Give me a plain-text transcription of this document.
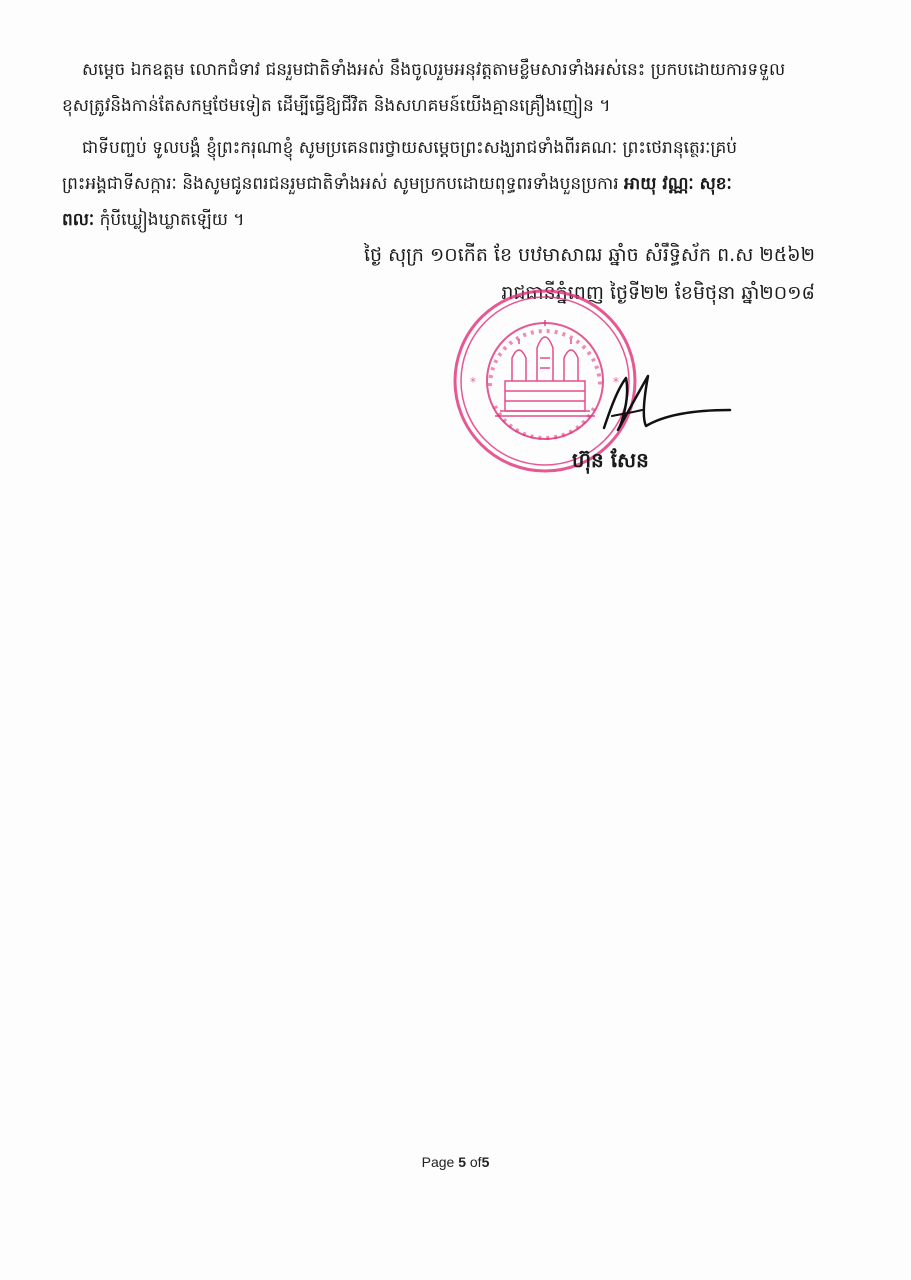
សម្តេច ឯកឧត្តម លោកជំទាវ ជនរួមជាតិទាំងអស់ នឹងចូលរួមអនុវត្តតាមខ្លឹមសារទាំងអស់នេះ ប្រកបដោយការទទួល

ខុសត្រូវនិងកាន់តែសកម្មថែមទៀត ដើម្បីធ្វើឱ្យជីវិត និងសហគមន៍យើងគ្មានគ្រឿងញៀន ។

ជាទីបញ្ចប់ ទូលបង្គំ ខ្ញុំព្រះករុណាខ្ញុំ សូមប្រគេនពរថ្វាយសម្តេចព្រះសង្ឃរាជទាំងពីរគណៈ ព្រះថេរានុត្ថេរៈគ្រប់

ព្រះអង្គជាទីសក្ការៈ និងសូមជូនពរជនរួមជាតិទាំងអស់ សូមប្រកបដោយពុទ្ធពរទាំងបួនប្រការ អាយុ វណ្ណៈ សុខៈ

ពលៈ កុំបីឃ្លៀងឃ្លាតឡើយ ។

ថ្ងៃ សុក្រ ១០កើត ខែ បឋមាសាឍ ឆ្នាំច សំរឹទ្ធិស័ក ព.ស ២៥៦២
រាជធានីភ្នំពេញ ថ្ងៃទី២២ ខែមិថុនា ឆ្នាំ២០១៨
*	*
ហ៊ុន សែន
Page 5 of5
